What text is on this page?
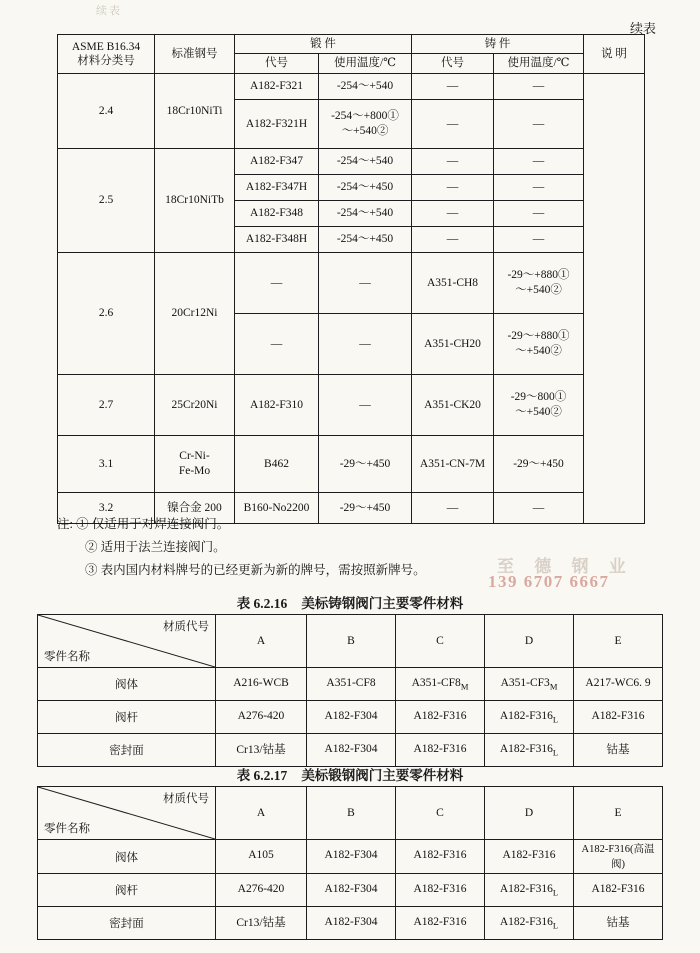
续表
续表
ASME B16.34
材料分类号	标准钢号	锻 件		铸 件		说 明
		代号	使用温度/℃	代号	使用温度/℃	
2.4	18Cr10NiTi	A182-F321	-254～+540	—	—	
		A182-F321H	-254～+800①
～+540②	—	—	
2.5	18Cr10NiTb	A182-F347	-254～+540	—	—	
		A182-F347H	-254～+450	—	—	
		A182-F348	-254～+540	—	—	
		A182-F348H	-254～+450	—	—	
2.6	20Cr12Ni	—	—	A351-CH8	-29～+880①
～+540②	

		—	—	A351-CH20	-29～+880①
～+540②	

2.7	25Cr20Ni	A182-F310	—	A351-CK20	-29～800①
～+540②	

3.1	Cr-Ni-
Fe-Mo	B462	-29～+450	A351-CN-7M	-29～+450	
3.2	镍合金 200	B160-No2200	-29～+450	—	—	
注: ① 仅适用于对焊连接阀门。
② 适用于法兰连接阀门。
③ 表内国内材料牌号的已经更新为新的牌号，需按照新牌号。	至 德 钢 业
139 6707 6667
表 6.2.16 美标铸钢阀门主要零件材料
材质代号
零件名称	A	B	C	D	E
阀体	A216-WCB	A351-CF8	$A351-CF8_M$	$A351-CF3_M$	A217-WC6. 9
阀杆	A276-420	A182-F304	A182-F316	$A182-F316_L$	A182-F316
密封面	Cr13/钴基	A182-F304	A182-F316	$A182-F316_L$	钴基
表 6.2.17 美标锻钢阀门主要零件材料
材质代号
零件名称	A	B	C	D	E
阀体	A105	A182-F304	A182-F316	A182-F316	A182-F316(高温阀)
阀杆	A276-420	A182-F304	A182-F316	$A182-F316_L$	A182-F316
密封面	Cr13/钴基	A182-F304	A182-F316	$A182-F316_L$	钴基
